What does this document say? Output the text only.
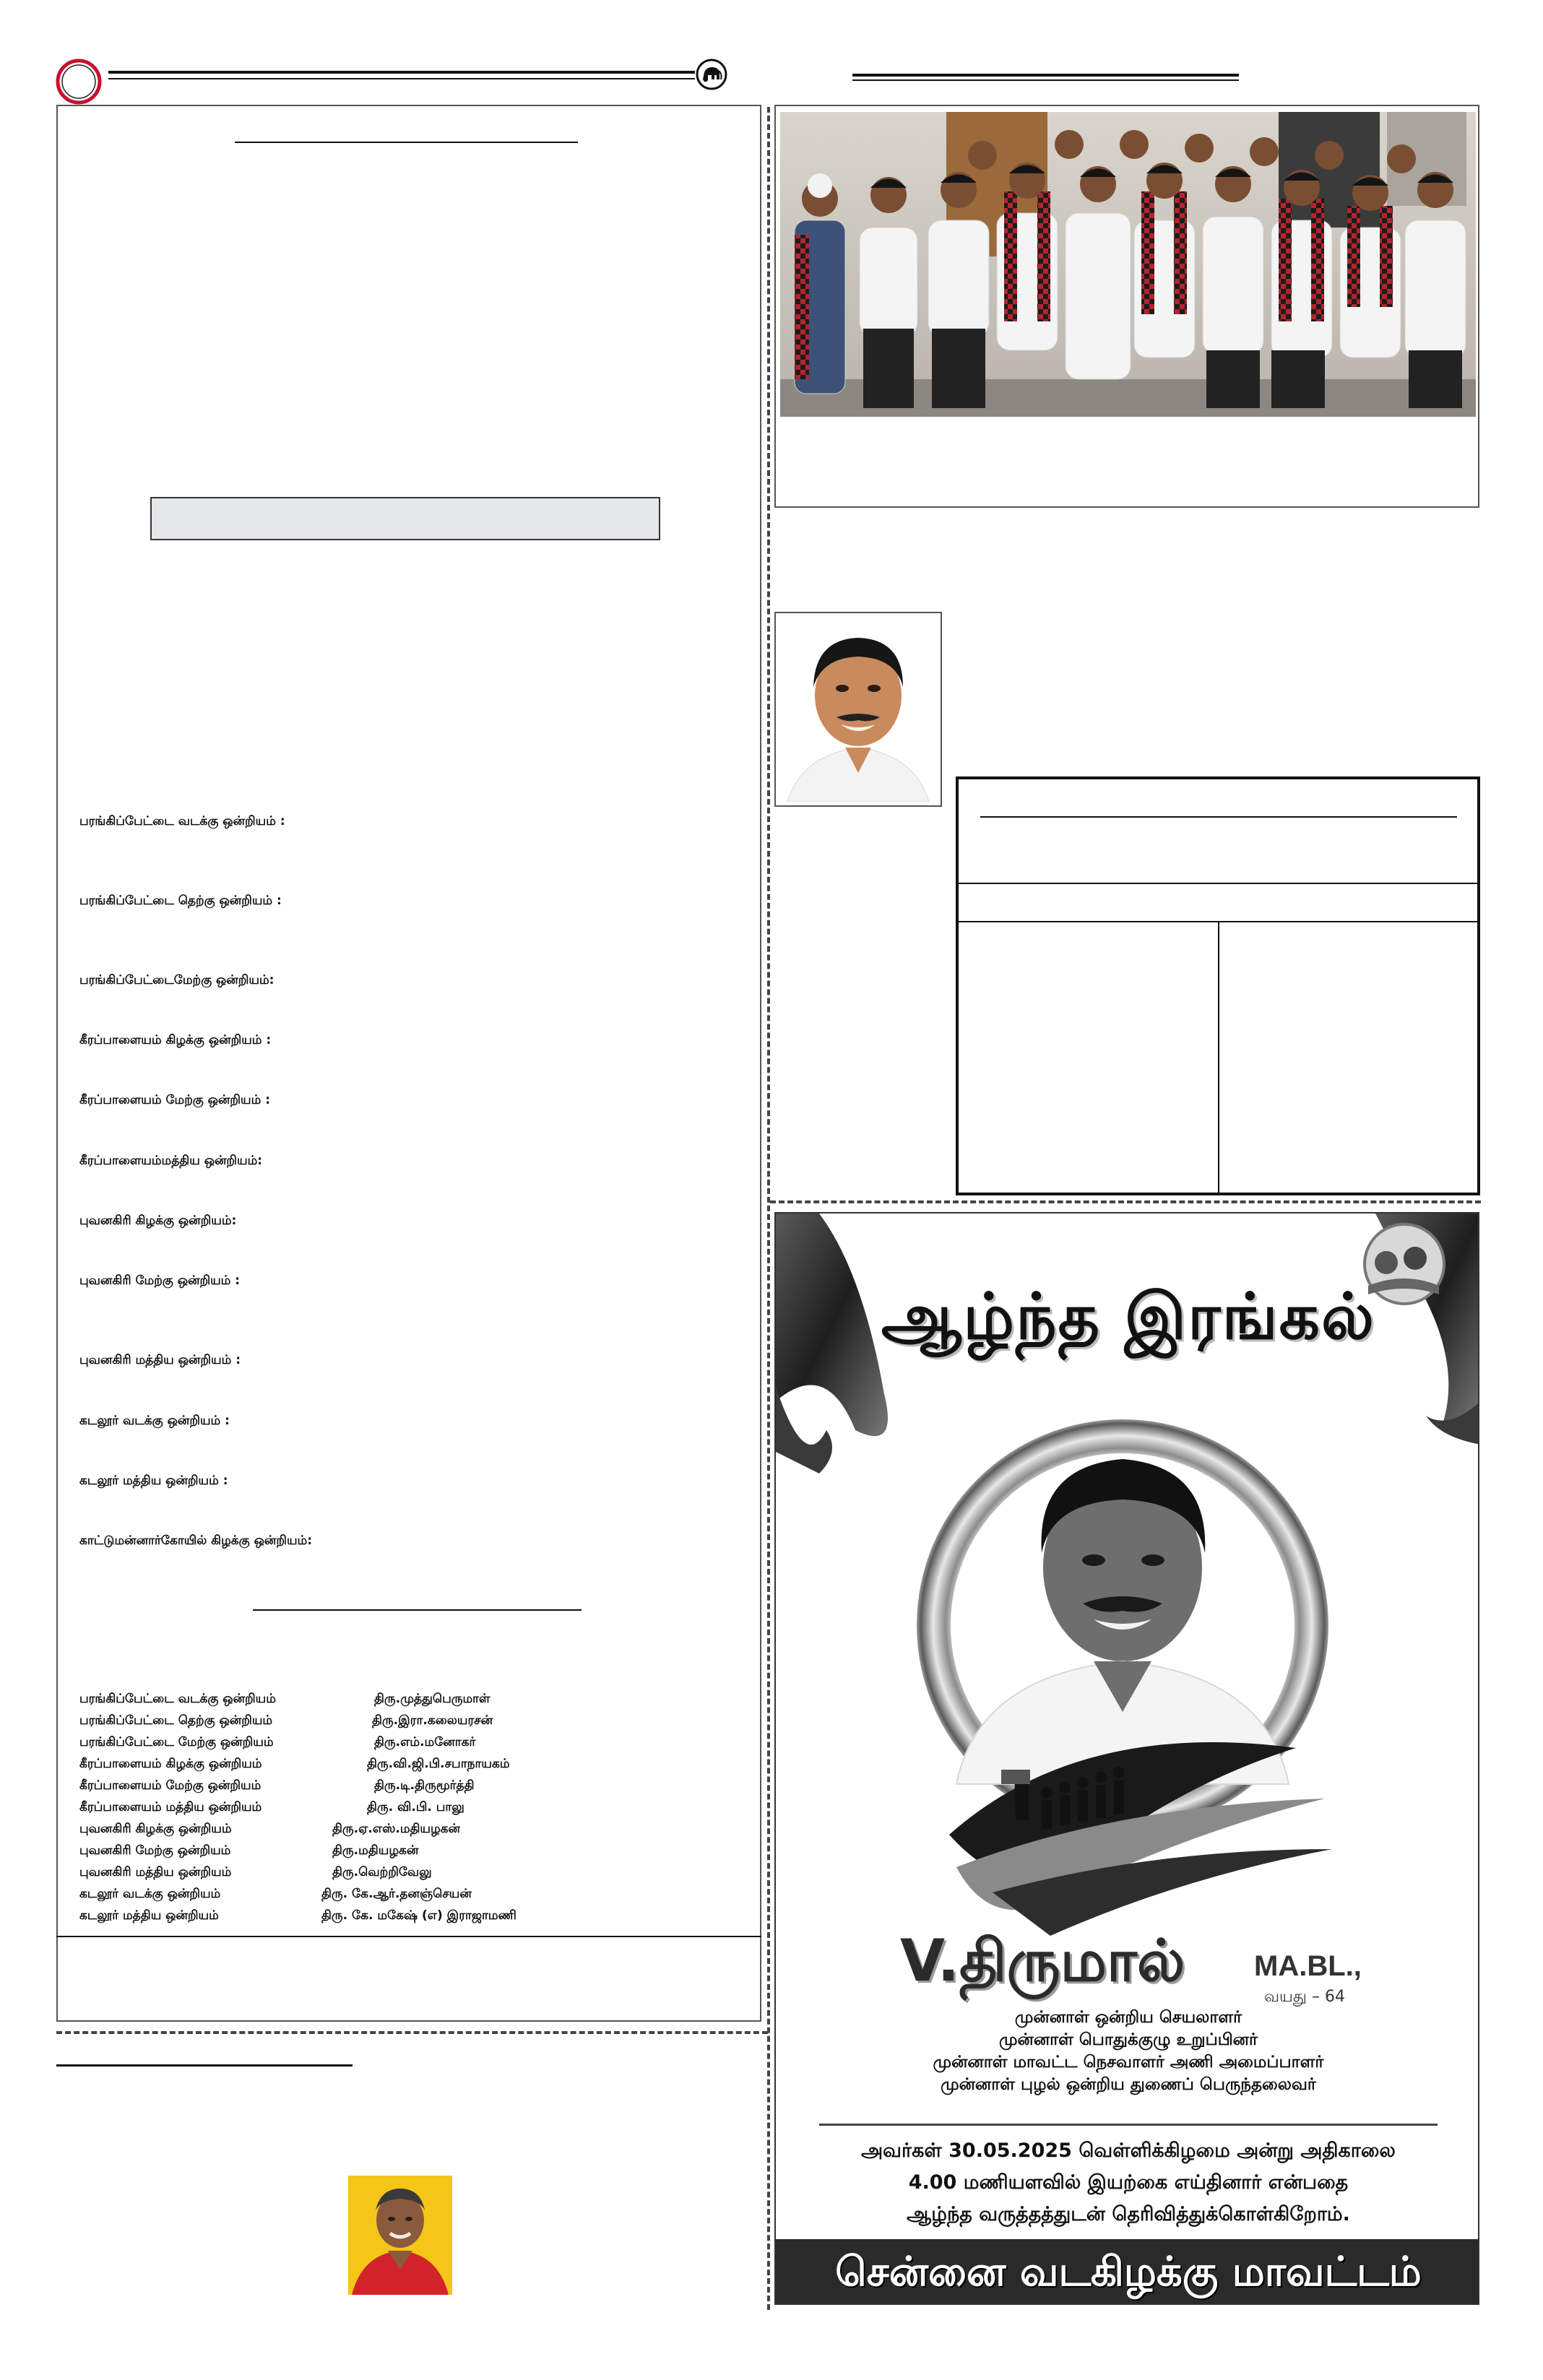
பரங்கிப்பேட்டை வடக்கு ஒன்றியம் :
பரங்கிப்பேட்டை தெற்கு ஒன்றியம் :
பரங்கிப்பேட்டைமேற்கு ஒன்றியம்:
கீரப்பாளையம் கிழக்கு ஒன்றியம் :
கீரப்பாளையம் மேற்கு ஒன்றியம் :
கீரப்பாளையம்மத்திய ஒன்றியம்:
புவனகிரி கிழக்கு ஒன்றியம்:
புவனகிரி மேற்கு ஒன்றியம் :
புவனகிரி மத்திய ஒன்றியம் :
கடலூர் வடக்கு ஒன்றியம் :
கடலூர் மத்திய ஒன்றியம் :
காட்டுமன்னார்கோயில் கிழக்கு ஒன்றியம்:
பரங்கிப்பேட்டை வடக்கு ஒன்றியம்	திரு.முத்துபெருமாள்
பரங்கிப்பேட்டை தெற்கு ஒன்றியம்	திரு.இரா.கலையரசன்
பரங்கிப்பேட்டை மேற்கு ஒன்றியம்	திரு.எம்.மனோகர்
கீரப்பாளையம் கிழக்கு ஒன்றியம்	திரு.வி.ஜி.பி.சபாநாயகம்
கீரப்பாளையம் மேற்கு ஒன்றியம்	திரு.டி.திருமூர்த்தி
கீரப்பாளையம் மத்திய ஒன்றியம்	திரு. வி.பி. பாலு
புவனகிரி கிழக்கு ஒன்றியம்	திரு.ஏ.எஸ்.மதியழகன்
புவனகிரி மேற்கு ஒன்றியம்	திரு.மதியழகன்
புவனகிரி மத்திய ஒன்றியம்	திரு.வெற்றிவேலு
கடலூர் வடக்கு ஒன்றியம்	திரு. கே.ஆர்.தனஞ்செயன்
கடலூர் மத்திய ஒன்றியம்	திரு. கே. மகேஷ் (எ) இராஜாமணி
ஆழ்ந்த இரங்கல்
V.திருமால் MA.BL.,
வயது – 64
முன்னாள் ஒன்றிய செயலாளர்
முன்னாள் பொதுக்குழு உறுப்பினர்
முன்னாள் மாவட்ட நெசவாளர் அணி அமைப்பாளர்
முன்னாள் புழல் ஒன்றிய துணைப் பெருந்தலைவர்
அவர்கள் 30.05.2025 வெள்ளிக்கிழமை அன்று அதிகாலை
4.00 மணியளவில் இயற்கை எய்தினார் என்பதை
ஆழ்ந்த வருத்தத்துடன் தெரிவித்துக்கொள்கிறோம்.
சென்னை வடகிழக்கு மாவட்டம்
